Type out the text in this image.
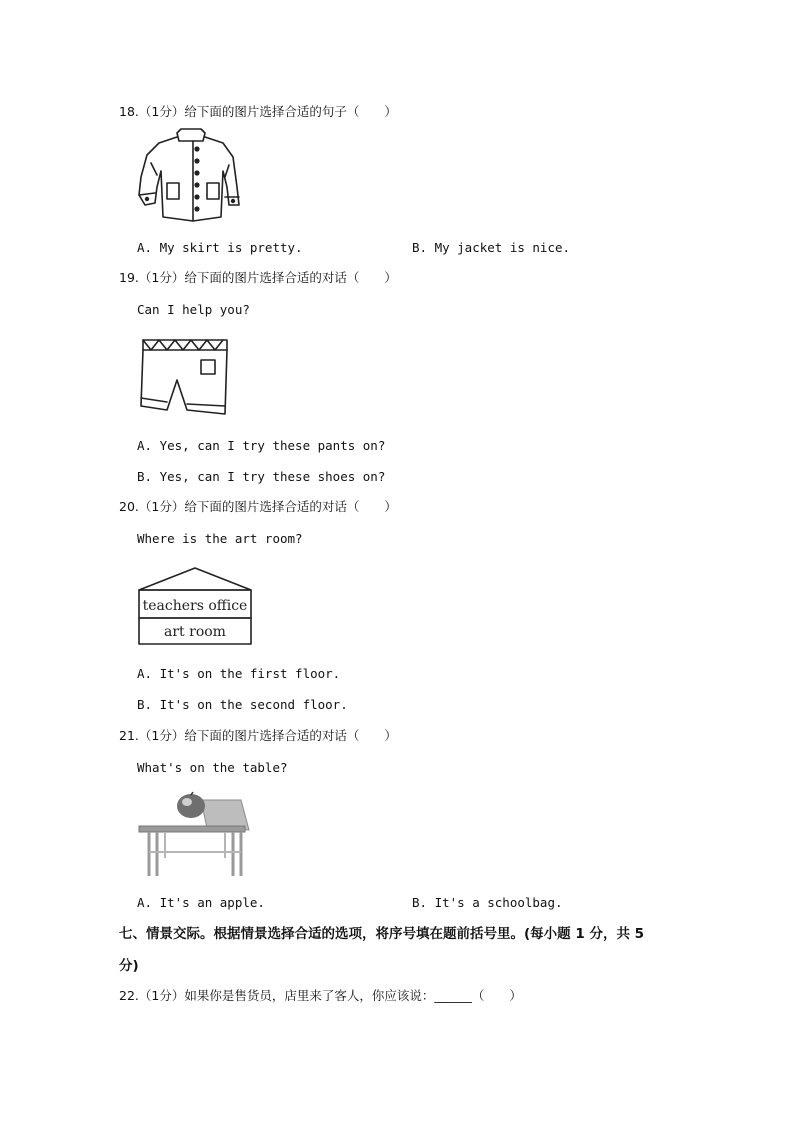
18.（1分）给下面的图片选择合适的句子（　　）
A. My skirt is pretty.	B. My jacket is nice.
19.（1分）给下面的图片选择合适的对话（　　）
Can I help you?
A. Yes, can I try these pants on?
B. Yes, can I try these shoes on?
20.（1分）给下面的图片选择合适的对话（　　）
Where is the art room?
teachers office
art room
A. It's on the first floor.
B. It's on the second floor.
21.（1分）给下面的图片选择合适的对话（　　）
What's on the table?
A. It's an apple.	B. It's a schoolbag.
七、情景交际。根据情景选择合适的选项，将序号填在题前括号里。(每小题 1 分，共 5
分)
22.（1分）如果你是售货员，店里来了客人，你应该说：______（　　）
